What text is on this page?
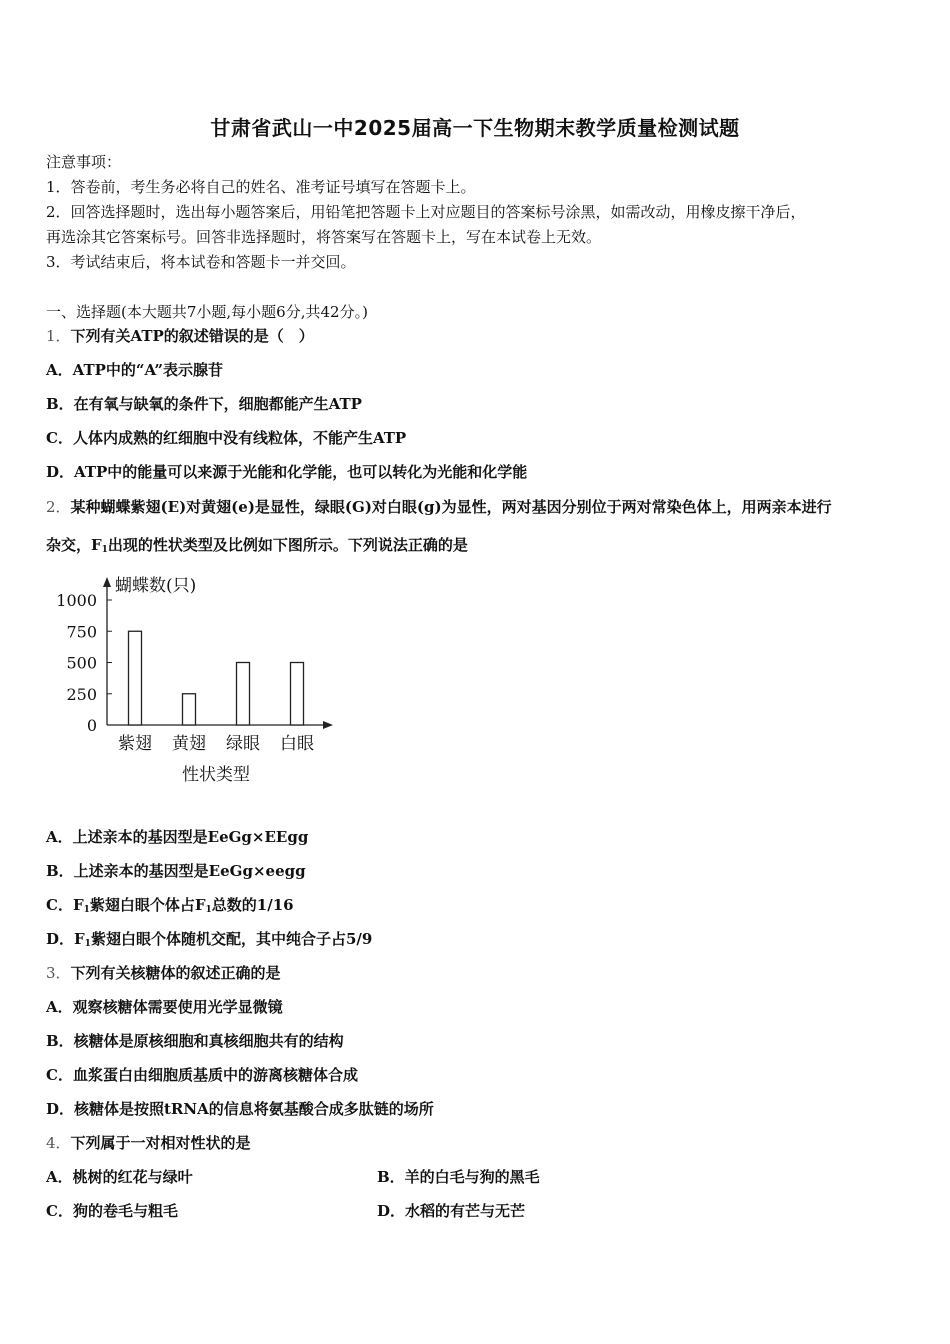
甘肃省武山一中2025届高一下生物期末教学质量检测试题
注意事项：
1．答卷前，考生务必将自己的姓名、准考证号填写在答题卡上。
2．回答选择题时，选出每小题答案后，用铅笔把答题卡上对应题目的答案标号涂黑，如需改动，用橡皮擦干净后，
再选涂其它答案标号。回答非选择题时，将答案写在答题卡上，写在本试卷上无效。
3．考试结束后，将本试卷和答题卡一并交回。
一、选择题(本大题共7小题,每小题6分,共42分。)
1．下列有关ATP的叙述错误的是（　）
A．ATP中的“A”表示腺苷
B．在有氧与缺氧的条件下，细胞都能产生ATP
C．人体内成熟的红细胞中没有线粒体，不能产生ATP
D．ATP中的能量可以来源于光能和化学能，也可以转化为光能和化学能
2．某种蝴蝶紫翅(E)对黄翅(e)是显性，绿眼(G)对白眼(g)为显性，两对基因分别位于两对常染色体上，用两亲本进行
杂交，$F_1$出现的性状类型及比例如下图所示。下列说法正确的是
蝴蝶数(只)
0
250
500
750
1000
紫翅 黄翅 绿眼 白眼
性状类型
A．上述亲本的基因型是EeGg×EEgg
B．上述亲本的基因型是EeGg×eegg
C．$F_1$紫翅白眼个体占$F_1$总数的1/16
D．$F_1$紫翅白眼个体随机交配，其中纯合子占5/9
3．下列有关核糖体的叙述正确的是
A．观察核糖体需要使用光学显微镜
B．核糖体是原核细胞和真核细胞共有的结构
C．血浆蛋白由细胞质基质中的游离核糖体合成
D．核糖体是按照tRNA的信息将氨基酸合成多肽链的场所
4．下列属于一对相对性状的是
A．桃树的红花与绿叶	B．羊的白毛与狗的黑毛
C．狗的卷毛与粗毛	D．水稻的有芒与无芒
